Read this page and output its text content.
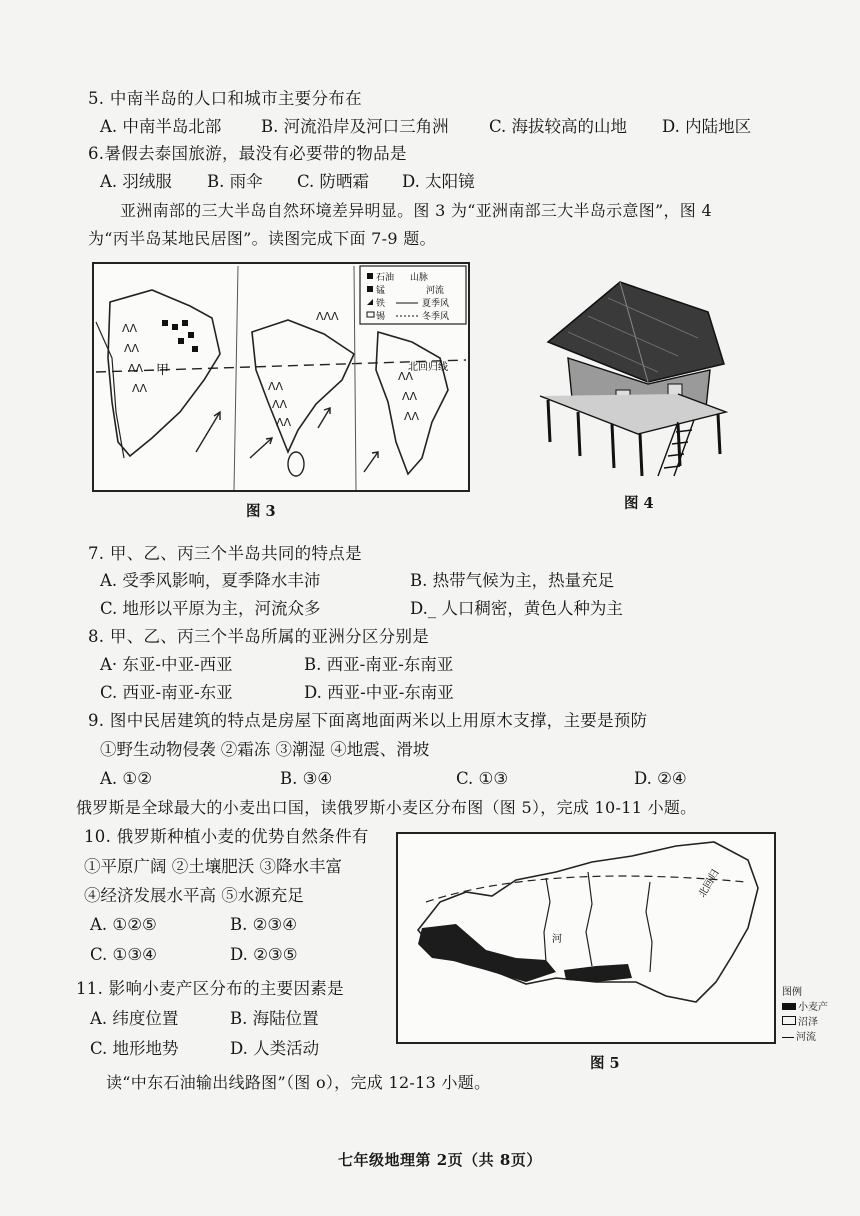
5. 中南半岛的人口和城市主要分布在
A. 中南半岛北部 B. 河流沿岸及河口三角洲 C. 海拔较高的山地 D. 内陆地区
6.暑假去泰国旅游，最没有必要带的物品是
A. 羽绒服 B. 雨伞 C. 防晒霜 D. 太阳镜
亚洲南部的三大半岛自然环境差异明显。图 3 为“亚洲南部三大半岛示意图”，图 4
为“丙半岛某地民居图”。读图完成下面 7-9 题。
ΛΛ
ΛΛ
ΛΛ
ΛΛ	ΛΛ
ΛΛ
ΛΛ
ΛΛ
ΛΛ
ΛΛ
ΛΛΛ
石油 山脉
锰	河流
铁	夏季风
锡	冬季风
甲	北回归线
图 3	图 4
7. 甲、乙、丙三个半岛共同的特点是
A. 受季风影响，夏季降水丰沛	B. 热带气候为主，热量充足
C. 地形以平原为主，河流众多	D._ 人口稠密，黄色人种为主
8. 甲、乙、丙三个半岛所属的亚洲分区分别是
A· 东亚-中亚-西亚	B. 西亚-南亚-东南亚
C. 西亚-南亚-东亚	D. 西亚-中亚-东南亚
9. 图中民居建筑的特点是房屋下面离地面两米以上用原木支撑，主要是预防
①野生动物侵袭 ②霜冻 ③潮湿 ④地震、滑坡
A. ①②	B. ③④	C. ①③	D. ②④
俄罗斯是全球最大的小麦出口国，读俄罗斯小麦区分布图（图 5），完成 10-11 小题。
10. 俄罗斯种植小麦的优势自然条件有
①平原广阔 ②土壤肥沃 ③降水丰富
④经济发展水平高 ⑤水源充足
A. ①②⑤	B. ②③④
C. ①③④	D. ②③⑤
11. 影响小麦产区分布的主要因素是
A. 纬度位置	B. 海陆位置
C. 地形地势	D. 人类活动
北回归
河
图例
小麦产
沼泽
河流
图 5
读“中东石油输出线路图”（图 o），完成 12-13 小题。
七年级地理第 2页（共 8页）
